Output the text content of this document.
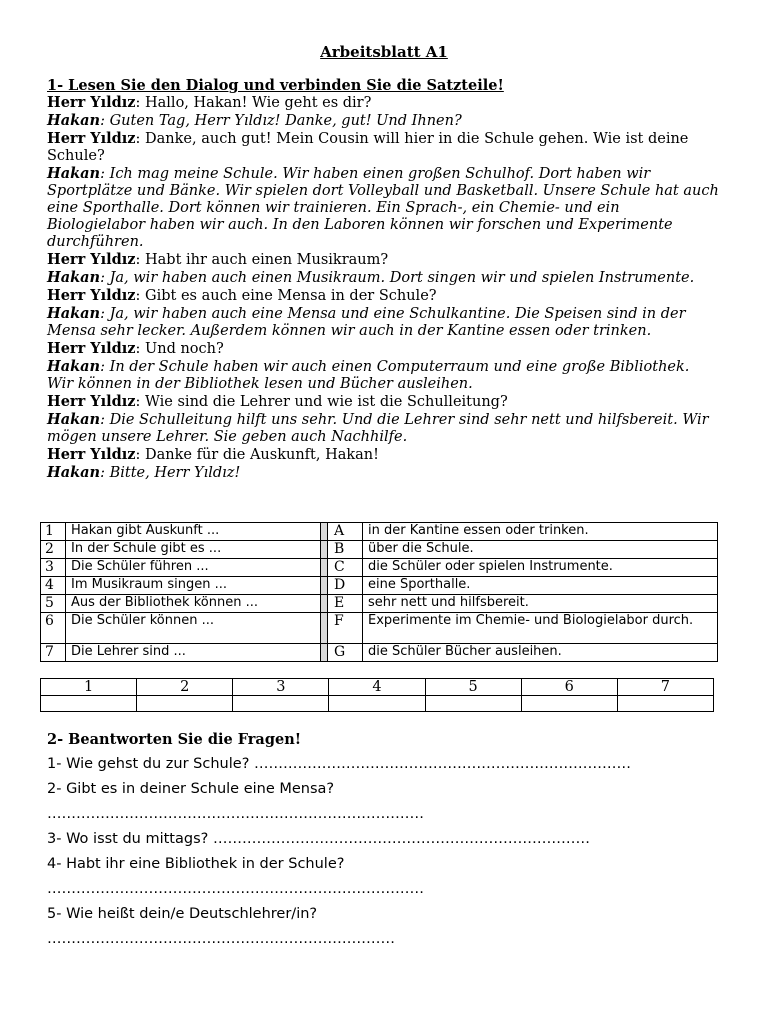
Arbeitsblatt A1

1- Lesen Sie den Dialog und verbinden Sie die Satzteile!

Herr Yıldız: Hallo, Hakan! Wie geht es dir?

Hakan: Guten Tag, Herr Yıldız! Danke, gut! Und Ihnen?

Herr Yıldız: Danke, auch gut! Mein Cousin will hier in die Schule gehen. Wie ist deine Schule?

Hakan: Ich mag meine Schule. Wir haben einen großen Schulhof. Dort haben wir Sportplätze und Bänke. Wir spielen dort Volleyball und Basketball. Unsere Schule hat auch eine Sporthalle. Dort können wir trainieren. Ein Sprach-, ein Chemie- und ein Biologielabor haben wir auch. In den Laboren können wir forschen und Experimente durchführen.

Herr Yıldız: Habt ihr auch einen Musikraum?

Hakan: Ja, wir haben auch einen Musikraum. Dort singen wir und spielen Instrumente.

Herr Yıldız: Gibt es auch eine Mensa in der Schule?

Hakan: Ja, wir haben auch eine Mensa und eine Schulkantine. Die Speisen sind in der Mensa sehr lecker. Außerdem können wir auch in der Kantine essen oder trinken.

Herr Yıldız: Und noch?

Hakan: In der Schule haben wir auch einen Computerraum und eine große Bibliothek. Wir können in der Bibliothek lesen und Bücher ausleihen.

Herr Yıldız: Wie sind die Lehrer und wie ist die Schulleitung?

Hakan: Die Schulleitung hilft uns sehr. Und die Lehrer sind sehr nett und hilfsbereit. Wir mögen unsere Lehrer. Sie geben auch Nachhilfe.

Herr Yıldız: Danke für die Auskunft, Hakan!

Hakan: Bitte, Herr Yıldız!

1	Hakan gibt Auskunft ...		A	in der Kantine essen oder trinken.
2	In der Schule gibt es ...		B	über die Schule.
3	Die Schüler führen ...		C	die Schüler oder spielen Instrumente.
4	Im Musikraum singen ...		D	eine Sporthalle.
5	Aus der Bibliothek können ...		E	sehr nett und hilfsbereit.
6	Die Schüler können ...		F	Experimente im Chemie- und Biologielabor durch.
7	Die Lehrer sind ...		G	die Schüler Bücher ausleihen.
1	2	3	4	5	6	7

2- Beantworten Sie die Fragen!

1- Wie gehst du zur Schule? ……………………………………………………………………

2- Gibt es in deiner Schule eine Mensa?

……………………………………………………………………

3- Wo isst du mittags? ……………………………………………………………………

4- Habt ihr eine Bibliothek in der Schule?

……………………………………………………………………

5- Wie heißt dein/e Deutschlehrer/in?

………………………………………………………………
